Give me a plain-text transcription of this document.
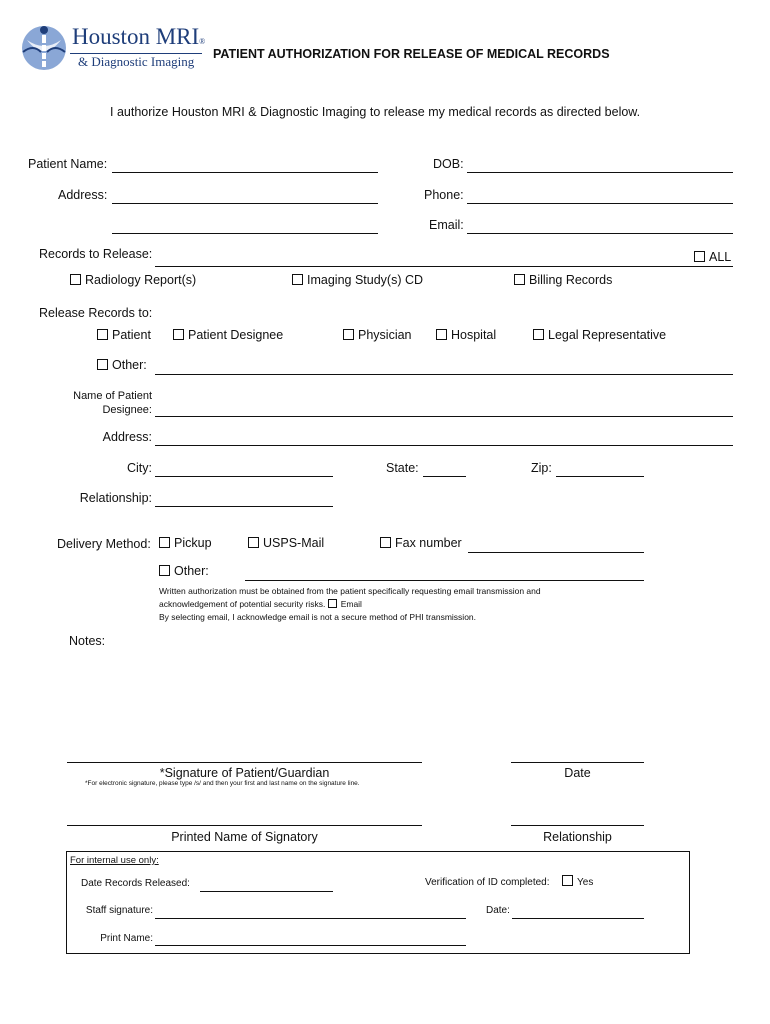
Houston MRI®
& Diagnostic Imaging PATIENT AUTHORIZATION FOR RELEASE OF MEDICAL RECORDS
I authorize Houston MRI & Diagnostic Imaging to release my medical records as directed below.
Patient Name:	DOB:
Address:	Phone:
Email:
Records to Release:	ALL
Radiology Report(s)	Imaging Study(s) CD	Billing Records
Release Records to:
Patient	Patient Designee	Physician	Hospital	Legal Representative
Other:
Name of Patient
Designee:
Address:
City:	State:	Zip:
Relationship:
Delivery Method:	Pickup	USPS-Mail	Fax number
Other:
Written authorization must be obtained from the patient specifically requesting email transmission and
acknowledgement of potential security risks. Email
By selecting email, I acknowledge email is not a secure method of PHI transmission.
Notes:
*Signature of Patient/Guardian	Date
*For electronic signature, please type /s/ and then your first and last name on the signature line.
Printed Name of Signatory	Relationship
For internal use only:
Date Records Released:	Verification of ID completed:	Yes
Staff signature:	Date:
Print Name:
